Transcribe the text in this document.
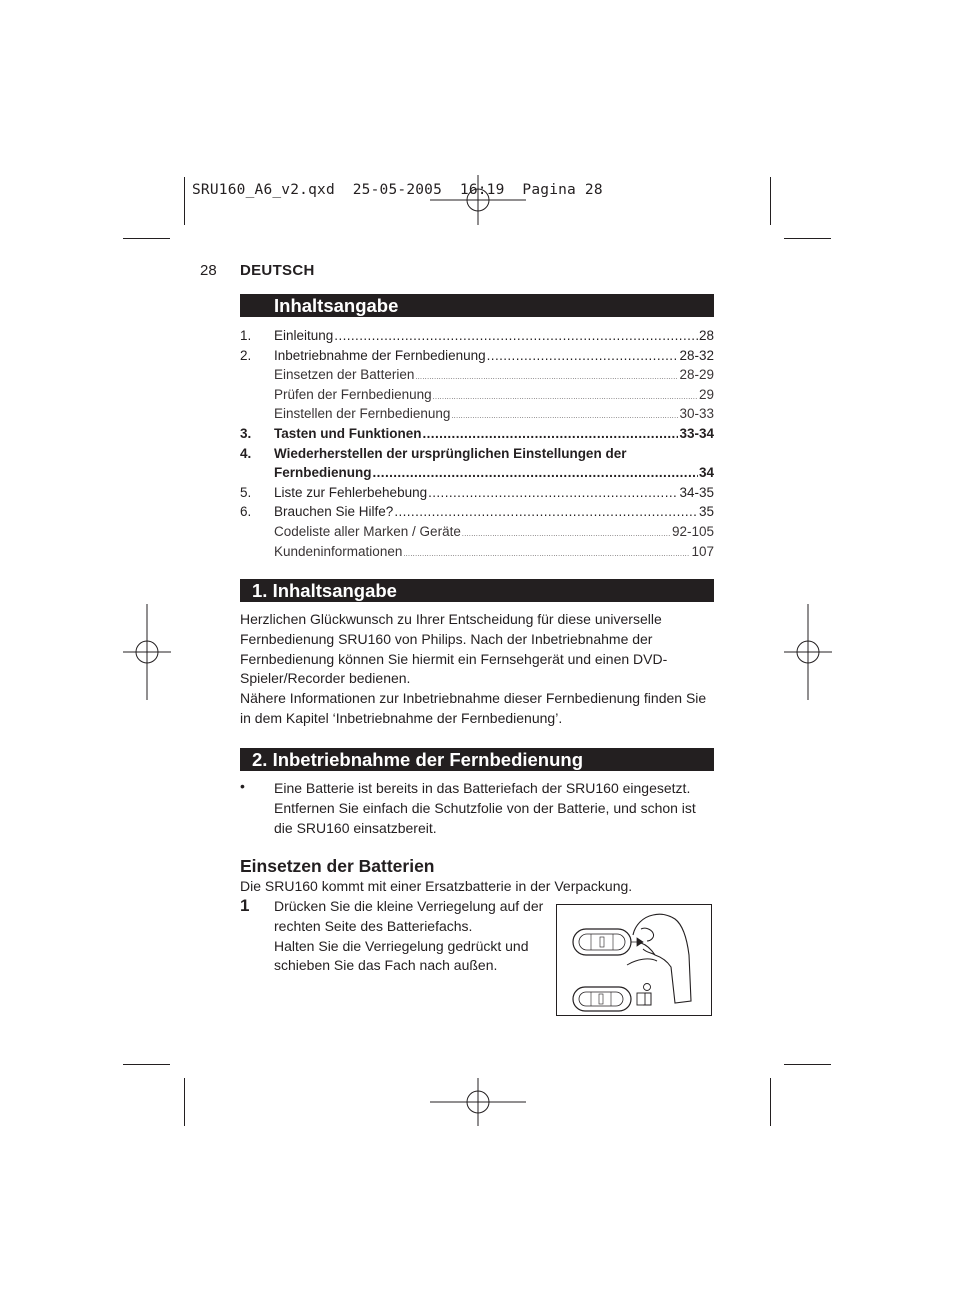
SRU160_A6_v2.qxd  25-05-2005  16:19  Pagina 28
28 DEUTSCH
Inhaltsangabe
1. Einleitung .....	28
2. Inbetriebnahme der Fernbedienung .....	28-32
Einsetzen der Batterien .....	28-29
Prüfen der Fernbedienung .....	29
Einstellen der Fernbedienung .....	30-33
3. Tasten und Funktionen .....	33-34
4. Wiederherstellen der ursprünglichen Einstellungen der
Fernbedienung .....	34
5. Liste zur Fehlerbehebung .....	34-35
6. Brauchen Sie Hilfe? .....	35
Codeliste aller Marken / Geräte .....	92-105
Kundeninformationen .....	107
1. Inhaltsangabe
Herzlichen Glückwunsch zu Ihrer Entscheidung für diese universelle
Fernbedienung SRU160 von Philips. Nach der Inbetriebnahme der
Fernbedienung können Sie hiermit ein Fernsehgerät und einen DVD-
Spieler/Recorder bedienen.
Nähere Informationen zur Inbetriebnahme dieser Fernbedienung finden Sie
in dem Kapitel ‘Inbetriebnahme der Fernbedienung’.
2. Inbetriebnahme der Fernbedienung
• Eine Batterie ist bereits in das Batteriefach der SRU160 eingesetzt.
Entfernen Sie einfach die Schutzfolie von der Batterie, und schon ist
die SRU160 einsatzbereit.
Einsetzen der Batterien
Die SRU160 kommt mit einer Ersatzbatterie in der Verpackung.
1 Drücken Sie die kleine Verriegelung auf der
rechten Seite des Batteriefachs.
Halten Sie die Verriegelung gedrückt und
schieben Sie das Fach nach außen.
